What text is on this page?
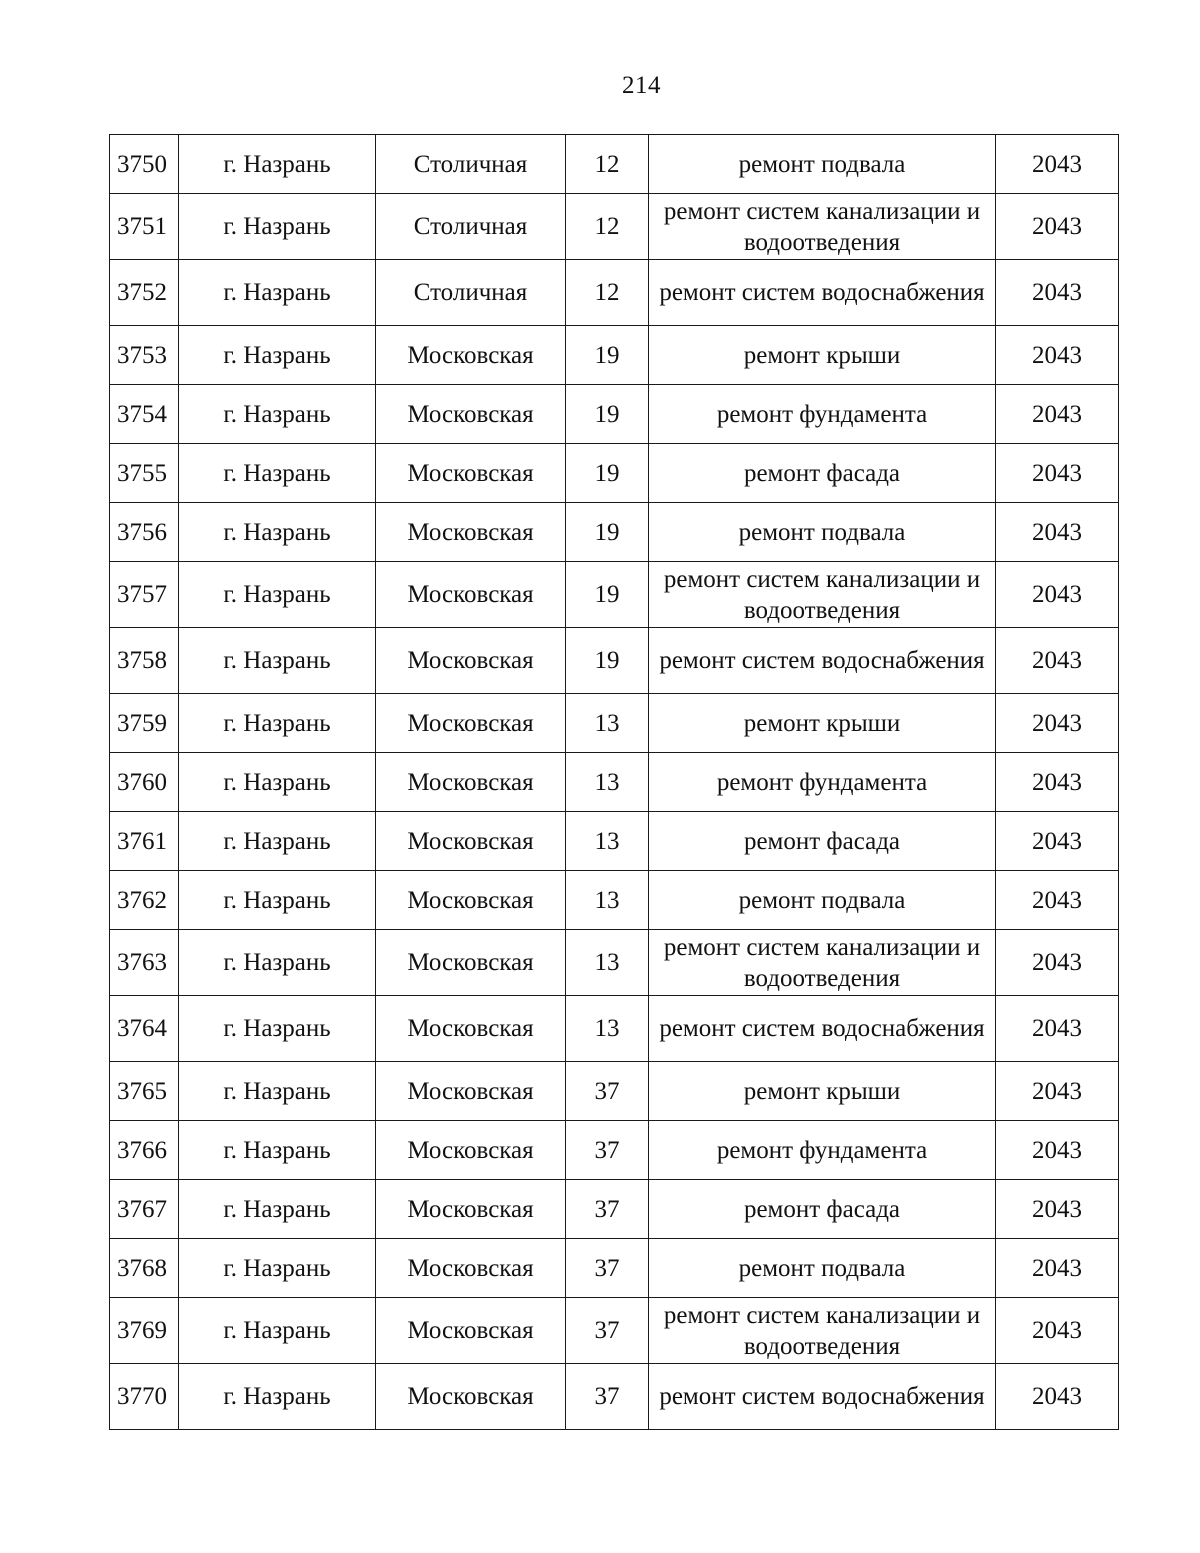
214
3750	г. Назрань	Столичная	12	ремонт подвала	2043
3751	г. Назрань	Столичная	12	ремонт систем канализации и водоотведения	2043
3752	г. Назрань	Столичная	12	ремонт систем водоснабжения	2043
3753	г. Назрань	Московская	19	ремонт крыши	2043
3754	г. Назрань	Московская	19	ремонт фундамента	2043
3755	г. Назрань	Московская	19	ремонт фасада	2043
3756	г. Назрань	Московская	19	ремонт подвала	2043
3757	г. Назрань	Московская	19	ремонт систем канализации и водоотведения	2043
3758	г. Назрань	Московская	19	ремонт систем водоснабжения	2043
3759	г. Назрань	Московская	13	ремонт крыши	2043
3760	г. Назрань	Московская	13	ремонт фундамента	2043
3761	г. Назрань	Московская	13	ремонт фасада	2043
3762	г. Назрань	Московская	13	ремонт подвала	2043
3763	г. Назрань	Московская	13	ремонт систем канализации и водоотведения	2043
3764	г. Назрань	Московская	13	ремонт систем водоснабжения	2043
3765	г. Назрань	Московская	37	ремонт крыши	2043
3766	г. Назрань	Московская	37	ремонт фундамента	2043
3767	г. Назрань	Московская	37	ремонт фасада	2043
3768	г. Назрань	Московская	37	ремонт подвала	2043
3769	г. Назрань	Московская	37	ремонт систем канализации и водоотведения	2043
3770	г. Назрань	Московская	37	ремонт систем водоснабжения	2043
